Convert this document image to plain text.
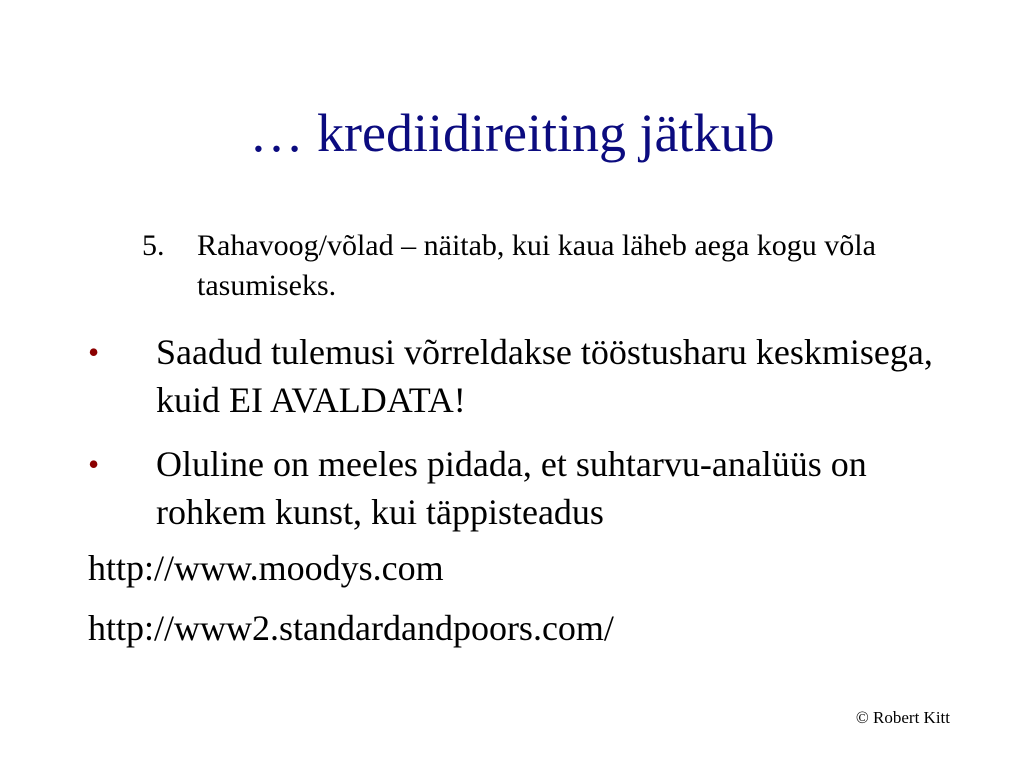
… krediidireiting jätkub
5. Rahavoog/võlad – näitab, kui kaua läheb aega kogu võla tasumiseks.
• Saadud tulemusi võrreldakse tööstusharu keskmisega, kuid EI AVALDATA!
• Oluline on meeles pidada, et suhtarvu-analüüs on rohkem kunst, kui täppisteadus
http://www.moodys.com
http://www2.standardandpoors.com/
© Robert Kitt
